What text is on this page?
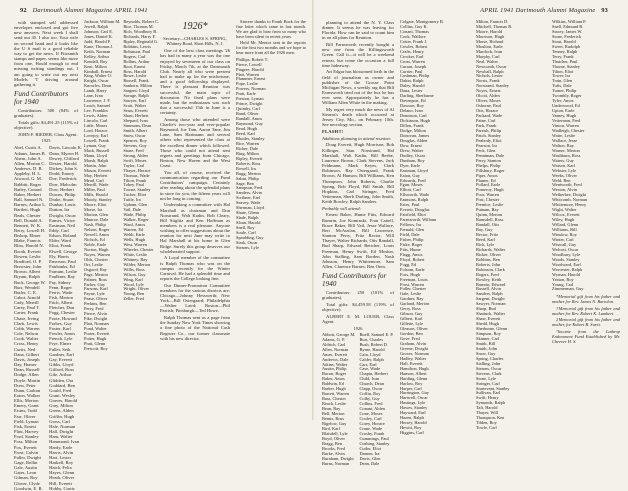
92 Dartmouth Alumni Magazine APRIL 1941

with stamped self addressed envelopes enclosed and got five new answers. Next week I shall send out 45. I also too. Your wife on second hand and it looks like the U S mail is a good reliable way to get the news. If Fitzsmith stamps and paper, seems like more from one, Hould enough to end missing writing standings out. I am going to write out my next Models 'T driving around gathering it.

Fund Contributors for 1940

Contributors: 500 (84% of graduates).

Totals gifts: $4,491.25 (115% of objective).

JOHN F. RIEDER, Class Agent.

1925
Abel, Curtis A.
Adams, James B.
Ahern, John A.
Allen, Morton C.
Andrews, D. B.
Appleby, H. L.
Atwood, G. M.
Babbitt, Roger
Bailey, Conrad
Baker, Herbert
Ball, Samuel N.
Barnes, Arthur L.
Bartlett, Hugh
Beals, Chester
Bell, Donald A.
Bennett, W. K.
Berry, Lowell H.
Bishop, Elmer
Blake, Francis
Bliss, Harold N.
Booth, Everett
Bowen, Leslie
Bradford, O. P.
Brewster, John
Brown, Albert
Bryant, Ralph
Buck, George W.
Burr, Wendell
Butler, C. E.
Cabot, Arnold
Cady, Merrill
Carey, Paul T.
Carter, Frank
Chase, Irving
Clark, Lewis
Cobb, Warren
Cole, Nelson
Cook, Walter
Cross, Henry
Curtis, Ned
Dana, Gilbert
Davis, Joseph
Day, Homer
Dean, Russell
Dodge, Allen
Doyle, Martin
Drew, Peter
Dunn, Carlton
Eaton, Walker
Ellis, Morton
Emery, Grant
Evans, Todd
Farr, Oliver
Field, Lyman
Fisk, Ernest
Flint, Harvey
Ford, Stanley
Foss, Milton
Fox, Everett
Frost, Calvin
Fuller, Dwight
Gage, Rollin
Gale, Austin
Gates, Leon
Gilman, Roy
Glover, Clyde
Goodwin, E. B.
Davis, Lincoln K.
Dean, Myron H.
Dewey, Clifford
Dexter, Harold
Dickey, John S.
Dodd, Emory
Doe, Frederick
Dorr, Malcolm
Dow, Herbert
Downs, Philip
Drake, Stuart
Dunbar, Louis
Dutton, Ira
Dwight, Oscar
Eames, Victor
Eastman, Neil
Eddy, Carl
Edson, Roland
Elder, Ward
Eliot, Frank
Elwell, George
Ely, Harris
Emerson, Paul
Fairbanks, Ed
Farnum, Leslie
Faulkner, Ray
Fay, Sidney
Fenn, Roger
Ferris, Wade
Fish, Merton
Fitch, Albert
Fletcher, Don
Fogg, Chester
Foote, Howard
Forbes, Guy
Foster, Karl
Fowler, Amos
French, Lyle
Frye, Elmer
Fuller, Seth
Gardner, Earl
Gay, Everett
Gibbs, Lloyd
Gifford, Ross
Gile, Arthur
Glidden, Ora
Goddard, Ben
Gould, Fred
Grant, Wesley
Graves, Harold
Gray, Milton
Green, Alden
Griffin, Hugh
Gross, Carl
Hale, Norman
Hall, Dwight
Ham, Walter
Hammond, Ivan
Hardy, Earle
Harris, Alvin
Hart, Lester
Haskell, Roy
Hatch, Felix
Hayes, Glenn
Heath, Oliver
Hill, Everett
Hobbs, Curtis
Jackson, William M.
Jewell, Ralph
Johnson, Carl E.
Jones, Daniel K.
Judd, Harold F.
Kane, Thomas J.
Keith, Norman
Kelley, Arthur
Kendall, Roy
Kent, Milton
Kimball, Ernest
King, Walter O.
Knight, Oscar
Knowles, Dean
Lamb, Harry
Lane, Ivan
Lawrence, J. F.
Leach, Samuel
Lee, Franklin
Lewis, Alden
Lincoln, Carl
Little, Moses
Lord, Horace
Lovejoy, Earl
Lowell, Frank
Lyman, Guy
Mack, Russell
Mann, Lloyd
Marsh, Ralph
Martin, John
Mason, Everett
May, Herbert
Mead, Carl
Merrill, Wade
Miller, Paul
Mills, Harold
Moody, Stanley
Moore, Eliot
Morse, Ira
Morton, Glen
Munroe, Dale
Nash, Philip
Nelson, Roger
Newell, Amos
Nichols, Ed
Noble, Earle
Norton, Hugh
Noyes, Warren
Olds, Chester
Orr, Leslie
Osgood, Ray
Page, Merton
Palmer, Ross
Parker, Guy
Parsons, Karl
Payne, Lyle
Pease, Oliver
Perkins, Ben
Perry, Fred
Pierce, Alvin
Pike, Dwight
Platt, Norman
Pond, Walter
Porter, Everett
Potter, Hugh
Pratt, Glenn
Prescott, Roy
Reynolds, Robert C.
Rice, Thomas M.
Rich, Woodbury B.
Richards, Harry F.
Ripley, Reginald G.
Robbins, Lewis
Robinson, Paul
Rogers, Carl
Rollins, Arthur
Root, Ernest
Ross, Harold
Rowe, Leslie
Russell, Frank
Sanborn, Milton
Sargent, Lloyd
Savage, Ralph
Sawyer, Earl
Scott, Walter
Sears, Everett
Shaw, Herbert
Shepard, Ivan
Simmons, Dean
Smith, Albert
Snow, Oscar
Spencer, Roy
Stevens, Guy
Stone, Fred
Strong, Alden
Swift, Moses
Taylor, Carl
Thayer, Horace
Thomas, Wade
Tilton, Frank
Tobey, Paul
Towne, Stanley
Tucker, Eliot
Tuttle, Ira
Upham, Glen
Vail, Dale
Wade, Philip
Walker, Roger
Ward, Amos
Warren, Ed
Webb, Earle
Wells, Hugh
West, Warren
Wheeler, Chester
White, Leslie
Whitney, Ray
Wilder, Merton
Willis, Ross
Wilson, Guy
Wing, Karl
Wood, Lyle
Wright, Oliver
Young, Ben
Zeller, Fred
1926*

Secretary—CHARLES S. SPRING, Whitney Road, Short Hills, N. J.

One of the best class meetings '26 has had in many a year was the one enjoyed by seventeen of our class on Friday, March 7th, at the Dartmouth Club. Nearly all who were present had to make up for the misfortune, and a good fellowship displayed. There is pleasant Reunion was successful, the main topic of discussion. No fixed plans were made, but the enthusiasm was such that a successful 15th in June is a certainty.

Among those who attended were Charlie's two-year and ever-popular Raymond, Joe Tam, Aaron Tane, Jim Lane, Sam Hartmann and several others who represented the class at the excellent dinner which followed. Those who could not attend sent regrets and greetings from Chicago, Boston, New Haven and the West Coast.

You all, of course, received the communication regarding our Fund Contributors' campaign. Certainly after reading about the splendid plans in store for you, the fifteen years will not be long in coming.

Undertaking a committee with Hal Marshall as chairman and Don Norstrand, Walt Kadin, Bob Cleary, Bill Stiglitz and Ken Hoffman as members is a real pleasure. Anyone wishing to offer suggestions about the reunion for next June may write to Hal Marshall at his home in Glen Ridge. Surely this group deserves our wholehearted support.

A Loyal member of the committee is Ralph Thomas who was on the campus recently for the Winter Carnival. He had a splendid time and reports the College looking fine.

Our Dinner-Promotion Committee members for the various districts are: Chicago—Johnny Hesswerth; New York—Bill Ostergaard; Philadelphia—Walter Laird; Boston—Phil Parrish; Pittsburgh—Ted Howe.

Ralph Thomas sent us a page from the Sunday New York Times showing a fine photo of the National Cash Register Co., our former classmate with his new director.

Sincere thanks to Frank Buck for the fine letter which came in last month. We are glad to hear from so many who have been silent in recent years.

Hold Mr. Mentor sent in the reports for the first two months and we hope to hear more from all the 1926 men.

Phillips, Robert T.
Pierce, Lowell
Pingree, Harold
Platt, Warren
Plummer, Ernest
Pope, Leslie
Powers, Norman
Pratt, Earle
Preston, Lyman
Prince, Dwight
Quimby, Carl
Rand, Oliver
Randall, Amos
Raymond, Guy
Read, Hugh
Reed, Karl
Rhodes, Stanley
Rice, Warren
Ricker, Dale
Ring, Milton
Ripley, Everett
Roberts, Ross
Rowell, Ira
Rugg, Merton
Sabin, Philip
Sage, Ben
Sampson, Fred
Sanders, Alvin
Scribner, Earl
Seavey, Wade
Sherman, Lloyd
Shute, Glenn
Slade, Ralph
Sloan, Harold
Snell, Roy
Soule, Carl
Spaulding, Guy
Stark, Oscar
Stearns, Lyle
APRIL 1941 Dartmouth Alumni Magazine 93

planning to attend the N. Y. Class dinner. It seems he was leaving for Florida. How can he said to count him in on all plans for Reunion.

Bill Farnsworth recently bought a new one from the Killingsworth Green. Call it—it will be a weekend retreat, but come the occasion a full time hideaway.

Art Edgar has blossomed forth in the field of journalism as owner and publisher of the Grosse Point Michigan News, a weekly rag that Bill Farnsworth tried out of the box he has ever seen. Appropriately he has a William Allen White in the making.

My regret very much the news of Al Stearns's death which occurred at Jersey City, Mo., on February 10th. See necrology section.

FLASH!!!

Additions planning to attend reunion:

Doug Everett, Hugh Morrison, Bob Killinger, Stan Norstrand, Hal Marshall, Walt Kadin, Bill Beebe, Laurence Brown, Clark Stevens, Jack Feldmann, Mark Keyes, Clark Robinson, Ray Ostergaard, Frank Brown, Al Hanson, Bill Williams, Ken Thompson, John Roberts, Charlie Spring, Bob Floyd, Bill Smith, Bill Hopkins, Carl Stringer, Fred Vetterman, Sherb Darling, John Smith, Keith Rowley, Ralph Sanders.

Probably will attend:

Ernest Baker, Hume Fitts, Edward Rumrin, Joe Kominski, Fran Cattell, Brace Baker, Bill Vail, Jesse Wallace, Bert McAuslan, Bill Lawrence, Stanton Perry, Fritz Rector, Will Thayer, Walter Richards, Otis Randall, Bud Sharp, Edward Bettcher, Louis Freeman, Henry Swift, Ed Mosher, John Stalling, Sam Borden, Nash Johnson, Henry Whittemore, Sam Allen, Clarence Barnes, Ben Oren.

Fund Contributors for 1940

Contributors: 250 (101% of graduates).

Total gifts: $4,459.58 (119% of objective).

ALBERT E. M. LOUER, Class Agent.

1926
Abbott, George M.
Adams, G. P.
Aldrich, Carl
Allen, Norman
Ames, Everett
Andrews, Dale
Atkins, Walter
Austin, Philip
Bacon, Roger
Baker, Amos
Baldwin, Ed
Barker, Hugh
Barrett, Warren
Bass, Chester
Beach, Leslie
Bean, Ray
Bell, Merton
Bemis, Ross
Bigelow, Guy
Bird, Karl
Blaisdell, Lyle
Boyd, Oliver
Bragg, Ben
Brooks, Fred
Burke, Alvin
Burnham, Dwight
Burns, Norman
Buell, Samuel E. P.
Burt, Charles
Bush, Robert D.
Byrne, Harold
Cain, Lloyd
Calder, Ralph
Carr, Earl
Case, Wade
Chapin, Herbert
Child, Ivan
Church, Dean
Clapp, Oscar
Coffin, Roy
Colby, Guy
Collins, Fred
Conant, Alden
Cone, Moses
Cooley, Carl
Corey, Horace
Crane, Wade
Crosby, Frank
Cummings, Paul
Cushing, Stanley
Cutler, Eliot
Damon, Ira
Davis, Glen
Dean, Dale
Colgate, Montgomery B.
Collins, Guy K.
Conant, Thomas
Cook, Wallace
Cotter, Frank J.
Cowles, Robert
Crafts, Henry
Crocker, Earl
Cross, Warren
Curran, Joseph
Currier, Paul
Cushman, Philip
Dakin, Ralph
Daley, Harold
Dana, Lester
Darling, Sherburne
Davenport, Ed
Dawson, Roy
Delano, Ivan
Dennison, Carl
Dickinson, Hugh
Dillon, Frank
Dodge, Milton
Donovan, James
Douglas, Alden
Dow, Ernest
Drew, Walter
Dudley, Oscar
Dunham, Roy
Dyer, Earle
Eastman, Lloyd
Eaton, Guy
Edwards, Fred
Egan, Moses
Elliott, Carl
Ellsworth, Wade
Emmons, Ralph
Estes, Paul
Everett, Douglas
Fairfield, Eliot
Farnsworth, William
Fellows, Ira
Fernald, Glen
Field, Dale
Fisher, Philip
Fiske, Roger
Fitts, Hume
Flagg, Amos
Floyd, Robert
Fogg, Ed
Folsom, Earle
Foss, Hugh
Freeman, Louis
Frost, Warren
Fuller, Chester
Gale, Leslie
Gardner, Ray
Garland, Merton
Gerry, Ross
Gibson, Guy
Gilbert, Karl
Gillette, Lyle
Gleason, Oliver
Gordon, Ben
Gove, Fred
Graham, Alvin
Greene, Dwight
Grover, Norman
Hadley, Walter
Hall, Everett
Hamilton, Hugh
Hanson, Albert
Harding, Glenn
Harlow, Roy
Harper, Carl
Harrington, Guy
Hartwell, Oscar
Hastings, Lyle
Hawes, Stanley
Hayward, Earl
Hazen, Ralph
Hersey, Harold
Hewitt, Roy
Higgins, Carl
Milton, Francis D.
Mitchell, Thomas R.
Moore, Harold
Morrison, Hugh
Morse, Richard
Moulton, Earle
Murdock, Ivan
Murphy, Carl
Neal, Walter
Newcomb, Oscar
Newhall, Ralph
Nichols, Lester
Norris, Frank
Norstrand, Stanley
Noyes, Ernest
Olcott, Alden
Oliver, Moses
Osborne, Paul
Otis, Horace
Packard, Wade
Paine, Carl
Park, Frank
Parrish, Philip
Patch, Stanley
Peabody, Eliot
Pearson, Ira
Peck, Glen
Penniman, Dale
Perry, Stanton
Phelps, Philip
Pillsbury, Roger
Piper, Amos
Plumer, Ed
Pollard, Earle
Pomeroy, Hugh
Poor, Warren
Post, Chester
Prentice, Leslie
Putnam, Ray
Quinn, Merton
Ramsdell, Ross
Randall, Otis
Ray, Guy
Rector, Fritz
Reed, Karl
Rich, Lyle
Richards, Walter
Ricker, Oliver
Robbins, Ben
Roberts, John
Robinson, Clark
Rogers, Fred
Rowley, Keith
Rumrin, Edward
Russell, Alvin
Sanders, Ralph
Sargent, Dwight
Sawyer, Norman
Sharp, Bud
Shattuck, Walter
Shaw, Everett
Shedd, Hugh
Sherburne, Glenn
Simpson, Roy
Skinner, Carl
Smith, Bill
Smith, John
Snow, Guy
Spring, Charles
Stalling, John
Stearns, Oscar
Stevens, Clark
Stone, Lyle
Stringer, Carl
Sturtevant, Stanley
Sullivan, Earl
Swift, Henry
Symonds, Ralph
Taft, Harold
Thayer, Will
Thompson, Ken
Tilden, Roy
Towle, Carl
Wilkins, William P.
Snell, Edmund B.
Stacey, James W.
Stone, Frederick
Stout, Harold
Sweet, Rudolph
Tenney, Ralph
Terry, Frank
Thatcher, Paul
Thorne, Stanley
Tilton, Eliot
Tower, Ira
Train, Glen
Tufts, Dale
Turner, Philip
Twombly, Roger
Tyler, Amos
Underwood, Ed
Upton, Earle
Varney, Hugh
Vetterman, Fred
Vinton, Warren
Wadleigh, Chester
Waite, Leslie
Wallace, Jesse
Walton, Ray
Warner, Merton
Washburn, Ross
Waters, Guy
Watson, Karl
Webster, Lyle
Weeks, Oliver
Weld, Ben
Wentworth, Fred
Weston, Alvin
Wetherbee, Dwight
Whitcomb, Norman
Whittemore, Henry
Wight, Walter
Wilcox, Everett
Wiley, Hugh
Willard, Glenn
Williams, Bill
Winslow, Roy
Winter, Carl
Wiswall, Guy
Wolcott, Oscar
Woodbury, Lyle
Woods, Stanley
Woodward, Earl
Worcester, Ralph
Wyman, Harold
Yeaton, Roy
Young, Carl
Zimmerman, Guy

*Memorial gift from his father and mother for Rev. James N. Bartolon.

†Memorial gift from his father and mother for Rev. Robert K. Lambert.

‡Memorial gift from his father and mother, for Robert B. Swett.

°Income from the Lathrop Endowment Fund Established by Mr. Cheever H. S.
